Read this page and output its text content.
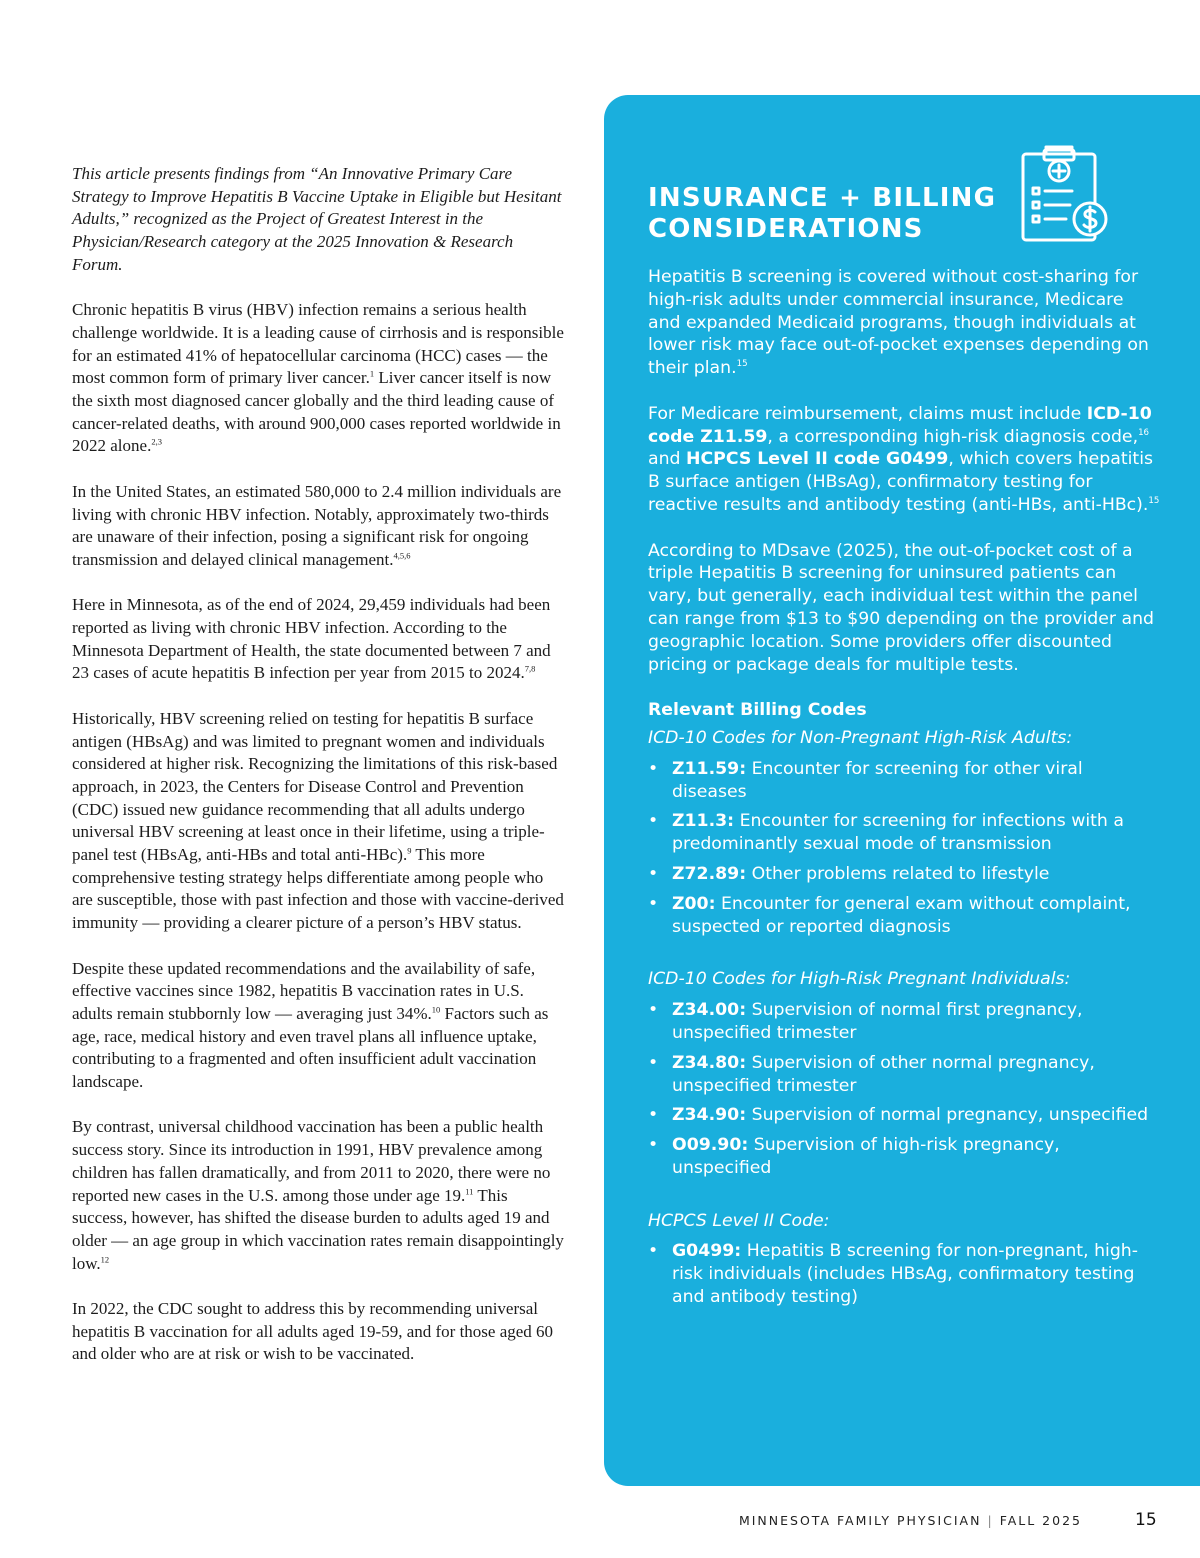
This article presents findings from “An Innovative Primary Care Strategy to Improve Hepatitis B Vaccine Uptake in Eligible but Hesitant Adults,” recognized as the Project of Greatest Interest in the Physician/Research category at the 2025 Innovation & Research Forum.

Chronic hepatitis B virus (HBV) infection remains a serious health challenge worldwide. It is a leading cause of cirrhosis and is responsible for an estimated 41% of hepatocellular carcinoma (HCC) cases — the most common form of primary liver cancer.$^1$ Liver cancer itself is now the sixth most diagnosed cancer globally and the third leading cause of cancer-related deaths, with around 900,000 cases reported worldwide in 2022 alone.$^{2,3}$

In the United States, an estimated 580,000 to 2.4 million individuals are living with chronic HBV infection. Notably, approximately two-thirds are unaware of their infection, posing a significant risk for ongoing transmission and delayed clinical management.$^{4,5,6}$

Here in Minnesota, as of the end of 2024, 29,459 individuals had been reported as living with chronic HBV infection. According to the Minnesota Department of Health, the state documented between 7 and 23 cases of acute hepatitis B infection per year from 2015 to 2024.$^{7,8}$

Historically, HBV screening relied on testing for hepatitis B surface antigen (HBsAg) and was limited to pregnant women and individuals considered at higher risk. Recognizing the limitations of this risk-based approach, in 2023, the Centers for Disease Control and Prevention (CDC) issued new guidance recommending that all adults undergo universal HBV screening at least once in their lifetime, using a triple-panel test (HBsAg, anti-HBs and total anti-HBc).$^9$ This more comprehensive testing strategy helps differentiate among people who are susceptible, those with past infection and those with vaccine-derived immunity — providing a clearer picture of a person’s HBV status.

Despite these updated recommendations and the availability of safe, effective vaccines since 1982, hepatitis B vaccination rates in U.S. adults remain stubbornly low — averaging just 34%.$^{10}$ Factors such as age, race, medical history and even travel plans all influence uptake, contributing to a fragmented and often insufficient adult vaccination landscape.

By contrast, universal childhood vaccination has been a public health success story. Since its introduction in 1991, HBV prevalence among children has fallen dramatically, and from 2011 to 2020, there were no reported new cases in the U.S. among those under age 19.11 This success, however, has shifted the disease burden to adults aged 19 and older — an age group in which vaccination rates remain disappointingly low.$^{12}$

In 2022, the CDC sought to address this by recommending universal hepatitis B vaccination for all adults aged 19-59, and for those aged 60 and older who are at risk or wish to be vaccinated.

INSURANCE + BILLING CONSIDERATIONS

Hepatitis B screening is covered without cost-sharing for high-risk adults under commercial insurance, Medicare and expanded Medicaid programs, though individuals at lower risk may face out-of-pocket expenses depending on their plan.$^{15}$

For Medicare reimbursement, claims must include ICD-10 code Z11.59, a corresponding high-risk diagnosis code,$^{16}$ and HCPCS Level II code G0499, which covers hepatitis B surface antigen (HBsAg), confirmatory testing for reactive results and antibody testing (anti-HBs, anti-HBc).$^{15}$

According to MDsave (2025), the out-of-pocket cost of a triple Hepatitis B screening for uninsured patients can vary, but generally, each individual test within the panel can range from $13 to $90 depending on the provider and geographic location. Some providers offer discounted pricing or package deals for multiple tests.

Relevant Billing Codes
ICD-10 Codes for Non-Pregnant High-Risk Adults:
• Z11.59: Encounter for screening for other viral diseases
• Z11.3: Encounter for screening for infections with a predominantly sexual mode of transmission
• Z72.89: Other problems related to lifestyle
• Z00: Encounter for general exam without complaint, suspected or reported diagnosis
ICD-10 Codes for High-Risk Pregnant Individuals:
• Z34.00: Supervision of normal first pregnancy, unspecified trimester
• Z34.80: Supervision of other normal pregnancy, unspecified trimester
• Z34.90: Supervision of normal pregnancy, unspecified
• O09.90: Supervision of high-risk pregnancy, unspecified
HCPCS Level II Code:
• G0499: Hepatitis B screening for non-pregnant, high-risk individuals (includes HBsAg, confirmatory testing and antibody testing)
MINNESOTA FAMILY PHYSICIAN | FALL 2025	15
